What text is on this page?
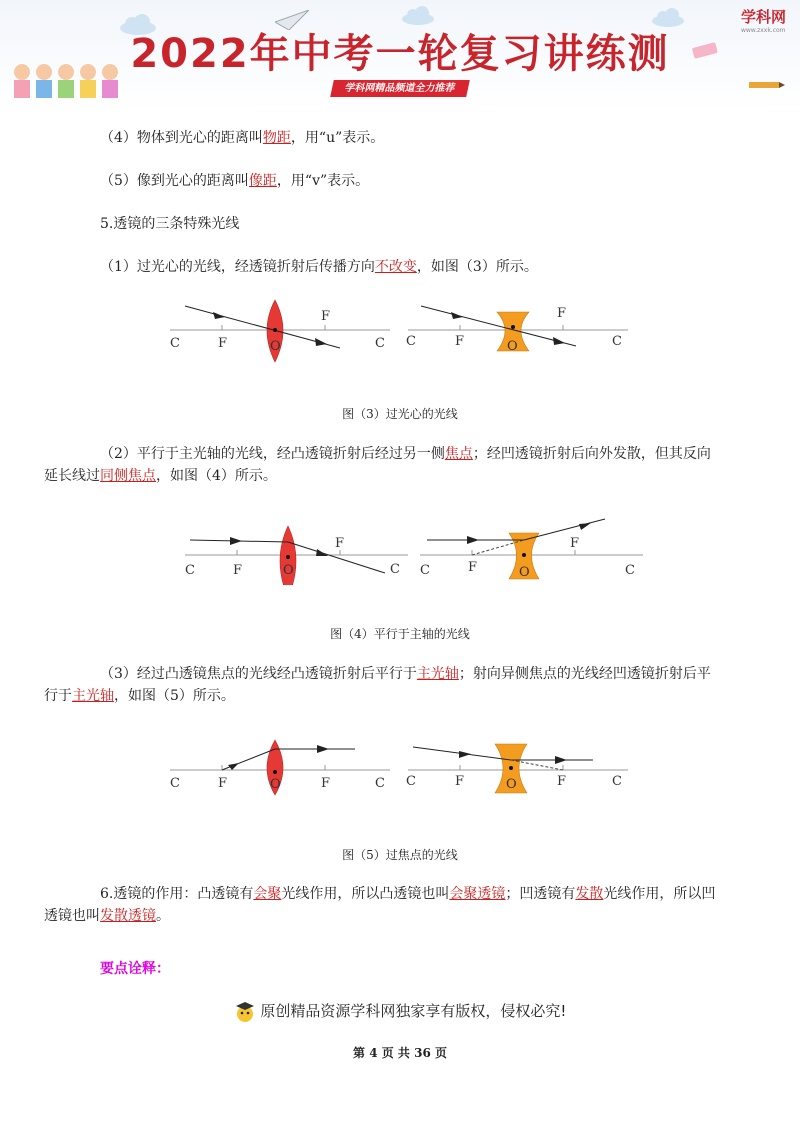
2022年中考一轮复习讲练测
学科网精品频道全力推荐
学科网
www.zxxk.com

（4）物体到光心的距离叫物距，用“u”表示。

（5）像到光心的距离叫像距，用“v”表示。

5.透镜的三条特殊光线

（1）过光心的光线，经透镜折射后传播方向不改变，如图（3）所示。

C	F	O
F
C C	F	O
F
C
图（3）过光心的光线

（2）平行于主光轴的光线，经凸透镜折射后经过另一侧焦点；经凹透镜折射后向外发散，但其反向
延长线过同侧焦点，如图（4）所示。

C	F	O
F
C C	F	O
F
C
图（4）平行于主轴的光线

（3）经过凸透镜焦点的光线经凸透镜折射后平行于主光轴；射向异侧焦点的光线经凹透镜折射后平
行于主光轴，如图（5）所示。

C	F	O	F	C C	F	O	F	C
图（5）过焦点的光线

6.透镜的作用：凸透镜有会聚光线作用，所以凸透镜也叫会聚透镜；凹透镜有发散光线作用，所以凹
透镜也叫发散透镜。

要点诠释：
原创精品资源学科网独家享有版权，侵权必究!
第 4 页 共 36 页
